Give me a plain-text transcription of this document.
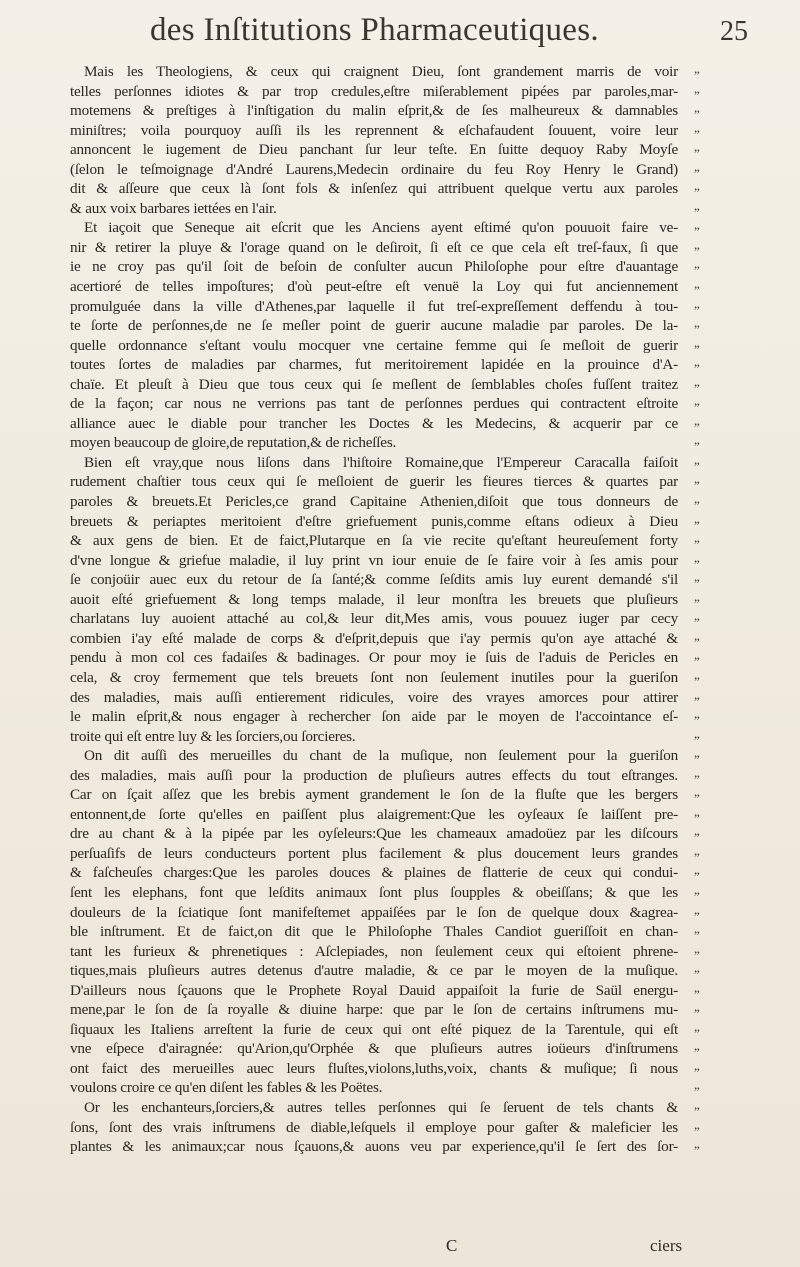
des Inſtitutions Pharmaceutiques.	25
Mais les Theologiens, & ceux qui craignent Dieu, ſont grandement marris de voir „
telles perſonnes idiotes & par trop credules,eſtre miſerablement pipées par paroles,mar- „
motemens & preſtiges à l'inſtigation du malin eſprit,& de ſes malheureux & damnables „
miniſtres; voila pourquoy auſſi ils les reprennent & eſchafaudent ſouuent, voire leur „
annoncent le iugement de Dieu panchant ſur leur teſte. En ſuitte dequoy Raby Moyſe „
(ſelon le teſmoignage d'André Laurens,Medecin ordinaire du feu Roy Henry le Grand) „
dit & aſſeure que ceux là ſont fols & inſenſez qui attribuent quelque vertu aux paroles „
& aux voix barbares iettées en l'air.	„
Et iaçoit que Seneque ait eſcrit que les Anciens ayent eſtimé qu'on pouuoit faire ve- „
nir & retirer la pluye & l'orage quand on le deſiroit, ſi eſt ce que cela eſt treſ-faux, ſi que „
ie ne croy pas qu'il ſoit de beſoin de conſulter aucun Philoſophe pour eſtre d'auantage „
acertioré de telles impoſtures; d'où peut-eſtre eſt venuë la Loy qui fut anciennement „
promulguée dans la ville d'Athenes,par laquelle il fut treſ-expreſſement deffendu à tou- „
te ſorte de perſonnes,de ne ſe meſler point de guerir aucune maladie par paroles. De la- „
quelle ordonnance s'eſtant voulu mocquer vne certaine femme qui ſe meſloit de guerir „
toutes ſortes de maladies par charmes, fut meritoirement lapidée en la prouince d'A- „
chaïe. Et pleuſt à Dieu que tous ceux qui ſe meſlent de ſemblables choſes fuſſent traitez „
de la façon; car nous ne verrions pas tant de perſonnes perdues qui contractent eſtroite „
alliance auec le diable pour trancher les Doctes & les Medecins, & acquerir par ce „
moyen beaucoup de gloire,de reputation,& de richeſſes.	„
Bien eſt vray,que nous liſons dans l'hiſtoire Romaine,que l'Empereur Caracalla faiſoit „
rudement chaſtier tous ceux qui ſe meſloient de guerir les fieures tierces & quartes par „
paroles & breuets.Et Pericles,ce grand Capitaine Athenien,diſoit que tous donneurs de „
breuets & periaptes meritoient d'eſtre griefuement punis,comme eſtans odieux à Dieu „
& aux gens de bien. Et de faict,Plutarque en ſa vie recite qu'eſtant heureuſement forty „
d'vne longue & griefue maladie, il luy print vn iour enuie de ſe faire voir à ſes amis pour „
ſe conjoüir auec eux du retour de ſa ſanté;& comme ſeſdits amis luy eurent demandé s'il „
auoit eſté griefuement & long temps malade, il leur monſtra les breuets que pluſieurs „
charlatans luy auoient attaché au col,& leur dit,Mes amis, vous pouuez iuger par cecy „
combien i'ay eſté malade de corps & d'eſprit,depuis que i'ay permis qu'on aye attaché & „
pendu à mon col ces fadaiſes & badinages. Or pour moy ie ſuis de l'aduis de Pericles en „
cela, & croy fermement que tels breuets ſont non ſeulement inutiles pour la gueriſon „
des maladies, mais auſſi entierement ridicules, voire des vrayes amorces pour attirer „
le malin eſprit,& nous engager à rechercher ſon aide par le moyen de l'accointance eſ- „
troite qui eſt entre luy & les ſorciers,ou ſorcieres.	„
On dit auſſi des merueilles du chant de la muſique, non ſeulement pour la gueriſon „
des maladies, mais auſſi pour la production de pluſieurs autres effects du tout eſtranges. „
Car on ſçait aſſez que les brebis ayment grandement le ſon de la fluſte que les bergers „
entonnent,de ſorte qu'elles en paiſſent plus alaigrement:Que les oyſeaux ſe laiſſent pre- „
dre au chant & à la pipée par les oyſeleurs:Que les chameaux amadoüez par les diſcours „
perſuaſifs de leurs conducteurs portent plus facilement & plus doucement leurs grandes „
& faſcheuſes charges:Que les paroles douces & plaines de flatterie de ceux qui condui- „
ſent les elephans, font que leſdits animaux ſont plus ſoupples & obeiſſans; & que les „
douleurs de la ſciatique ſont manifeſtemet appaiſées par le ſon de quelque doux &agrea- „
ble inſtrument. Et de faict,on dit que le Philoſophe Thales Candiot gueriſſoit en chan- „
tant les furieux & phrenetiques : Aſclepiades, non ſeulement ceux qui eſtoient phrene- „
tiques,mais pluſieurs autres detenus d'autre maladie, & ce par le moyen de la muſique. „
D'ailleurs nous ſçauons que le Prophete Royal Dauid appaiſoit la furie de Saül energu- „
mene,par le ſon de ſa royalle & diuine harpe: que par le ſon de certains inſtrumens mu- „
ſiquaux les Italiens arreſtent la furie de ceux qui ont eſté piquez de la Tarentule, qui eſt „
vne eſpece d'airagnée: qu'Arion,qu'Orphée & que pluſieurs autres ioüeurs d'inſtrumens „
ont faict des merueilles auec leurs fluſtes,violons,luths,voix, chants & muſique; ſi nous „
voulons croire ce qu'en diſent les fables & les Poëtes.	„
Or les enchanteurs,ſorciers,& autres telles perſonnes qui ſe ſeruent de tels chants & „
ſons, ſont des vrais inſtrumens de diable,leſquels il employe pour gaſter & maleficier les „
plantes & les animaux;car nous ſçauons,& auons veu par experience,qu'il ſe ſert des ſor- „
C	ciers
